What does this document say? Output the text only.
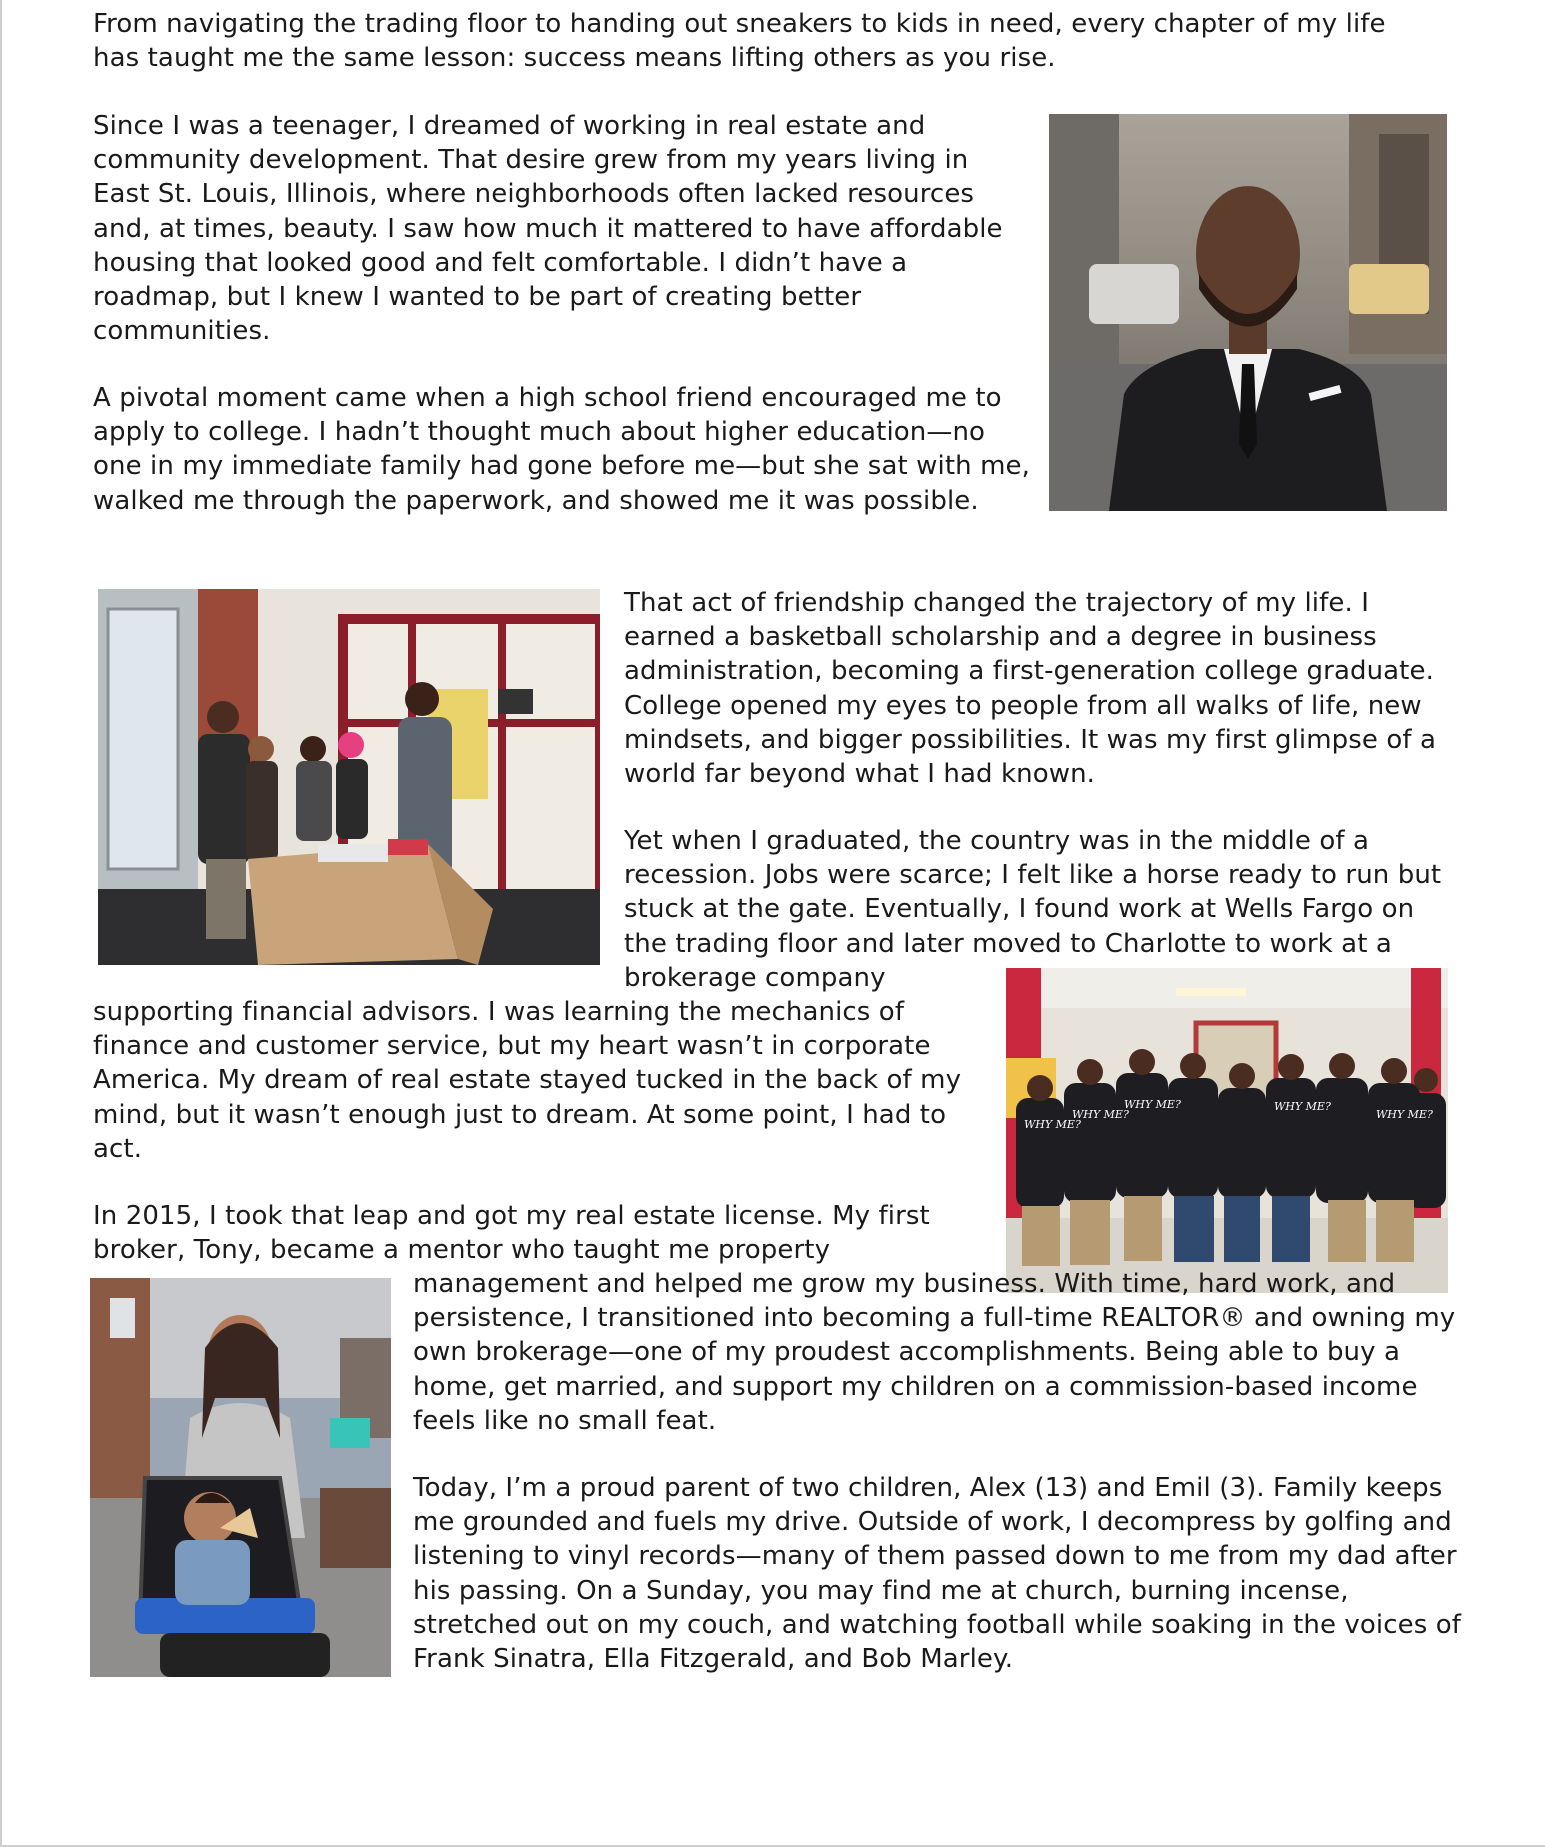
From navigating the trading floor to handing out sneakers to kids in need, every chapter of my life has taught me the same lesson: success means lifting others as you rise.

Since I was a teenager, I dreamed of working in real estate and community development. That desire grew from my years living in East St. Louis, Illinois, where neighborhoods often lacked resources and, at times, beauty. I saw how much it mattered to have affordable housing that looked good and felt comfortable. I didn’t have a roadmap, but I knew I wanted to be part of creating better communities.

A pivotal moment came when a high school friend encouraged me to apply to college. I hadn’t thought much about higher education—no one in my immediate family had gone before me—but she sat with me, walked me through the paperwork, and showed me it was possible.

That act of friendship changed the trajectory of my life. I earned a basketball scholarship and a degree in business administration, becoming a first-generation college graduate. College opened my eyes to people from all walks of life, new mindsets, and bigger possibilities. It was my first glimpse of a world far beyond what I had known.

Yet when I graduated, the country was in the middle of a recession. Jobs were scarce; I felt like a horse ready to run but stuck at the gate. Eventually, I found work at Wells Fargo on the trading floor and later moved to Charlotte to work at a brokerage company

WHY ME?
WHY ME?
WHY ME?	WHY ME?
WHY ME?

supporting financial advisors. I was learning the mechanics of finance and customer service, but my heart wasn’t in corporate America. My dream of real estate stayed tucked in the back of my mind, but it wasn’t enough just to dream. At some point, I had to act.

In 2015, I took that leap and got my real estate license. My first broker, Tony, became a mentor who taught me property

management and helped me grow my business. With time, hard work, and persistence, I transitioned into becoming a full-time REALTOR® and owning my own brokerage—one of my proudest accomplishments. Being able to buy a home, get married, and support my children on a commission-based income feels like no small feat.

Today, I’m a proud parent of two children, Alex (13) and Emil (3). Family keeps me grounded and fuels my drive. Outside of work, I decompress by golfing and listening to vinyl records—many of them passed down to me from my dad after his passing. On a Sunday, you may find me at church, burning incense, stretched out on my couch, and watching football while soaking in the voices of Frank Sinatra, Ella Fitzgerald, and Bob Marley.
